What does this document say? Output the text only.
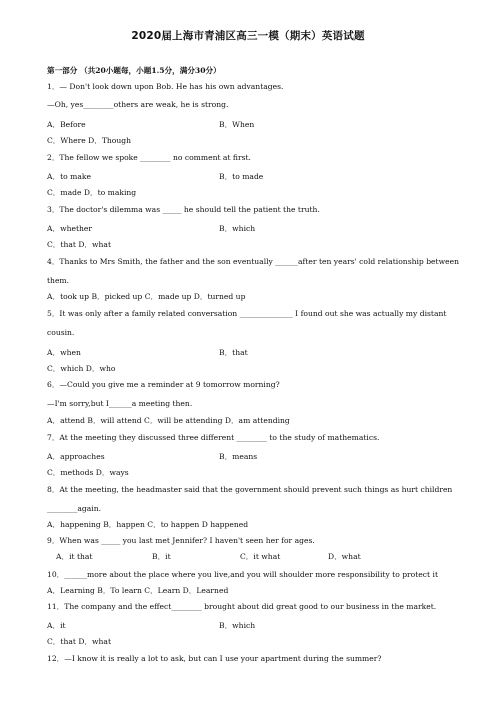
2020届上海市青浦区高三一模（期末）英语试题
第一部分 （共20小题每，小题1.5分，满分30分）
1．— Don't look down upon Bob. He has his own advantages.
—Oh, yes________others are weak, he is strong.
A．Before	B．When
C．Where D．Though
2．The fellow we spoke ________ no comment at first.
A．to make	B．to made
C．made D．to making
3．The doctor's dilemma was _____ he should tell the patient the truth.
A．whether	B．which
C．that D．what
4．Thanks to Mrs Smith, the father and the son eventually ______after ten years' cold relationship between
them.
A．took up B．picked up C．made up D．turned up
5．It was only after a family related conversation ______________ I found out she was actually my distant
cousin.
A．when	B．that
C．which D．who
6．—Could you give me a reminder at 9 tomorrow morning?
—I'm sorry,but I______a meeting then.
A．attend B．will attend C．will be attending D．am attending
7．At the meeting they discussed three different ________ to the study of mathematics.
A．approaches	B．means
C．methods D．ways
8．At the meeting, the headmaster said that the government should prevent such things as hurt children
________again.
A．happening B．happen C．to happen D happened
9．When was _____ you last met Jennifer? I haven't seen her for ages.
A．it that	B．it	C．it what	D．what
10．______more about the place where you live,and you will shoulder more responsibility to protect it
A．Learning B．To learn C．Learn D．Learned
11．The company and the effect________ brought about did great good to our business in the market.
A．it	B．which
C．that D．what
12．—I know it is really a lot to ask, but can I use your apartment during the summer?
